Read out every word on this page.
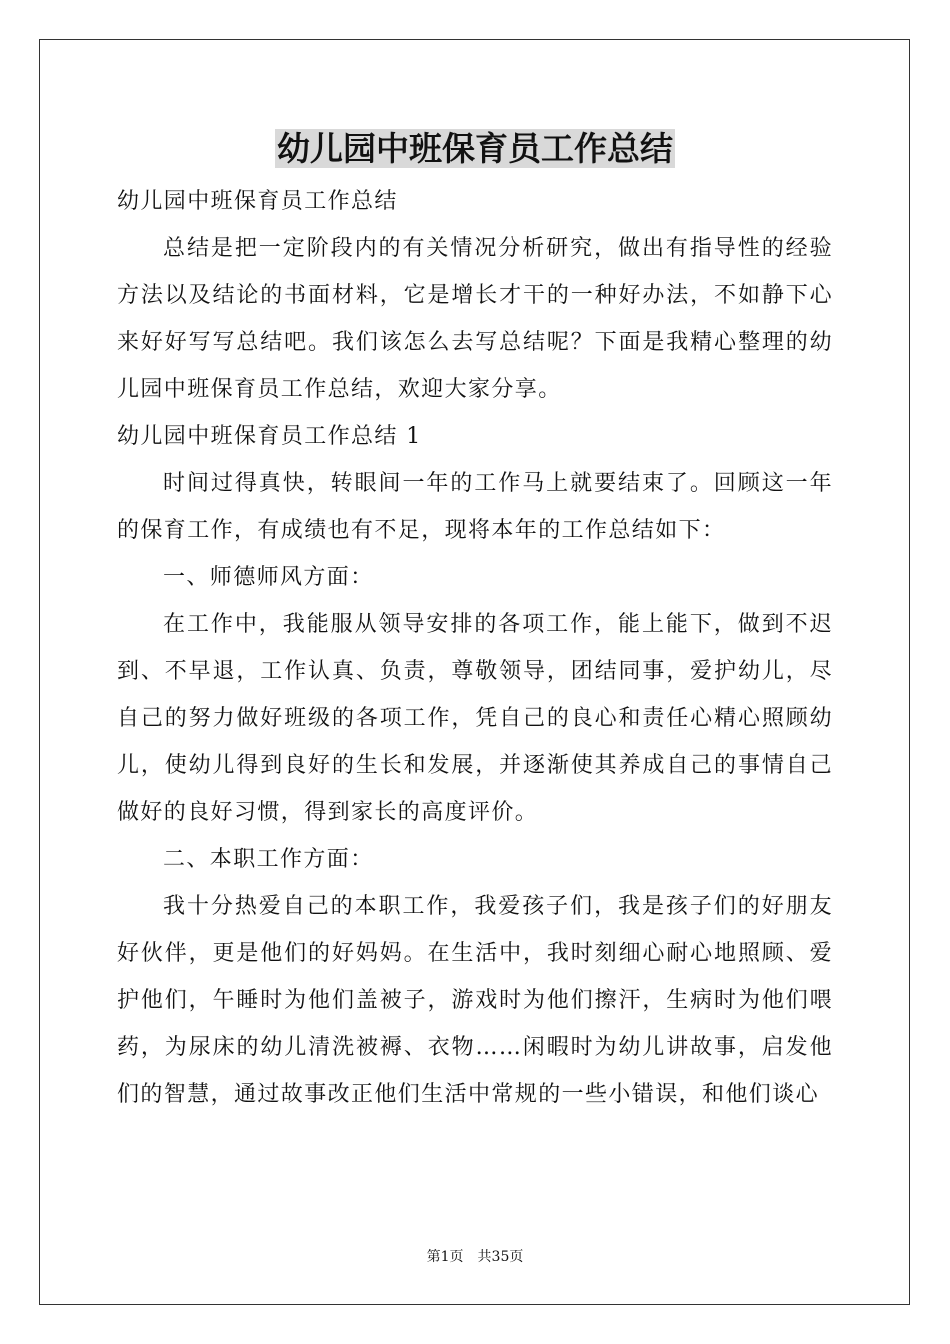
幼儿园中班保育员工作总结

幼儿园中班保育员工作总结

总结是把一定阶段内的有关情况分析研究，做出有指导性的经验方法以及结论的书面材料，它是增长才干的一种好办法，不如静下心来好好写写总结吧。我们该怎么去写总结呢？下面是我精心整理的幼儿园中班保育员工作总结，欢迎大家分享。

幼儿园中班保育员工作总结 1

时间过得真快，转眼间一年的工作马上就要结束了。回顾这一年的保育工作，有成绩也有不足，现将本年的工作总结如下：

一、师德师风方面：

在工作中，我能服从领导安排的各项工作，能上能下，做到不迟到、不早退，工作认真、负责，尊敬领导，团结同事，爱护幼儿，尽自己的努力做好班级的各项工作，凭自己的良心和责任心精心照顾幼儿，使幼儿得到良好的生长和发展，并逐渐使其养成自己的事情自己做好的良好习惯，得到家长的高度评价。

二、本职工作方面：

我十分热爱自己的本职工作，我爱孩子们，我是孩子们的好朋友好伙伴，更是他们的好妈妈。在生活中，我时刻细心耐心地照顾、爱护他们，午睡时为他们盖被子，游戏时为他们擦汗，生病时为他们喂药，为尿床的幼儿清洗被褥、衣物……闲暇时为幼儿讲故事，启发他们的智慧，通过故事改正他们生活中常规的一些小错误，和他们谈心

第1页　共35页
